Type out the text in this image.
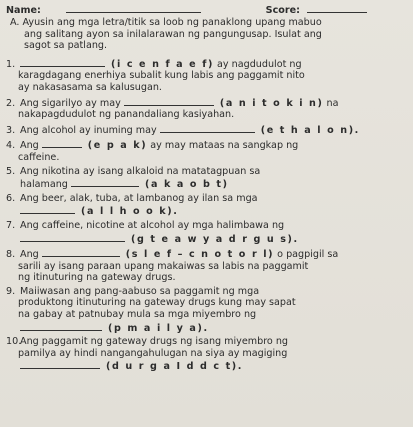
Name:	Score:
A. Ayusin ang mga letra/titik sa loob ng panaklong upang mabuo
ang salitang ayon sa inilalarawan ng pangungusap. Isulat ang
sagot sa patlang.
1.	(i c e n f a e f) ay nagdudulot ng
karagdagang enerhiya subalit kung labis ang paggamit nito
ay nakasasama sa kalusugan.
2. Ang sigarilyo ay may	(a n i t o k i n) na
nakapagdudulot ng panandaliang kasiyahan.
3. Ang alcohol ay inuming may	(e t h a l o n).
4. Ang	(e p a k) ay may mataas na sangkap ng
caffeine.
5. Ang nikotina ay isang alkaloid na matatagpuan sa
halamang	(a k a o b t)
6. Ang beer, alak, tuba, at lambanog ay ilan sa mga
(a l l h o o k).
7. Ang caffeine, nicotine at alcohol ay mga halimbawa ng
(g t e a w y a d r g u s).
8. Ang	(s l e f – c n o t o r l) o pagpigil sa
sarili ay isang paraan upang makaiwas sa labis na paggamit
ng itinuturing na gateway drugs.
9. Maiiwasan ang pang-aabuso sa paggamit ng mga
produktong itinuturing na gateway drugs kung may sapat
na gabay at patnubay mula sa mga miyembro ng
(p m a i l y a).
10.Ang paggamit ng gateway drugs ng isang miyembro ng
pamilya ay hindi nangangahulugan na siya ay magiging
(d u r g a I d d c t).
